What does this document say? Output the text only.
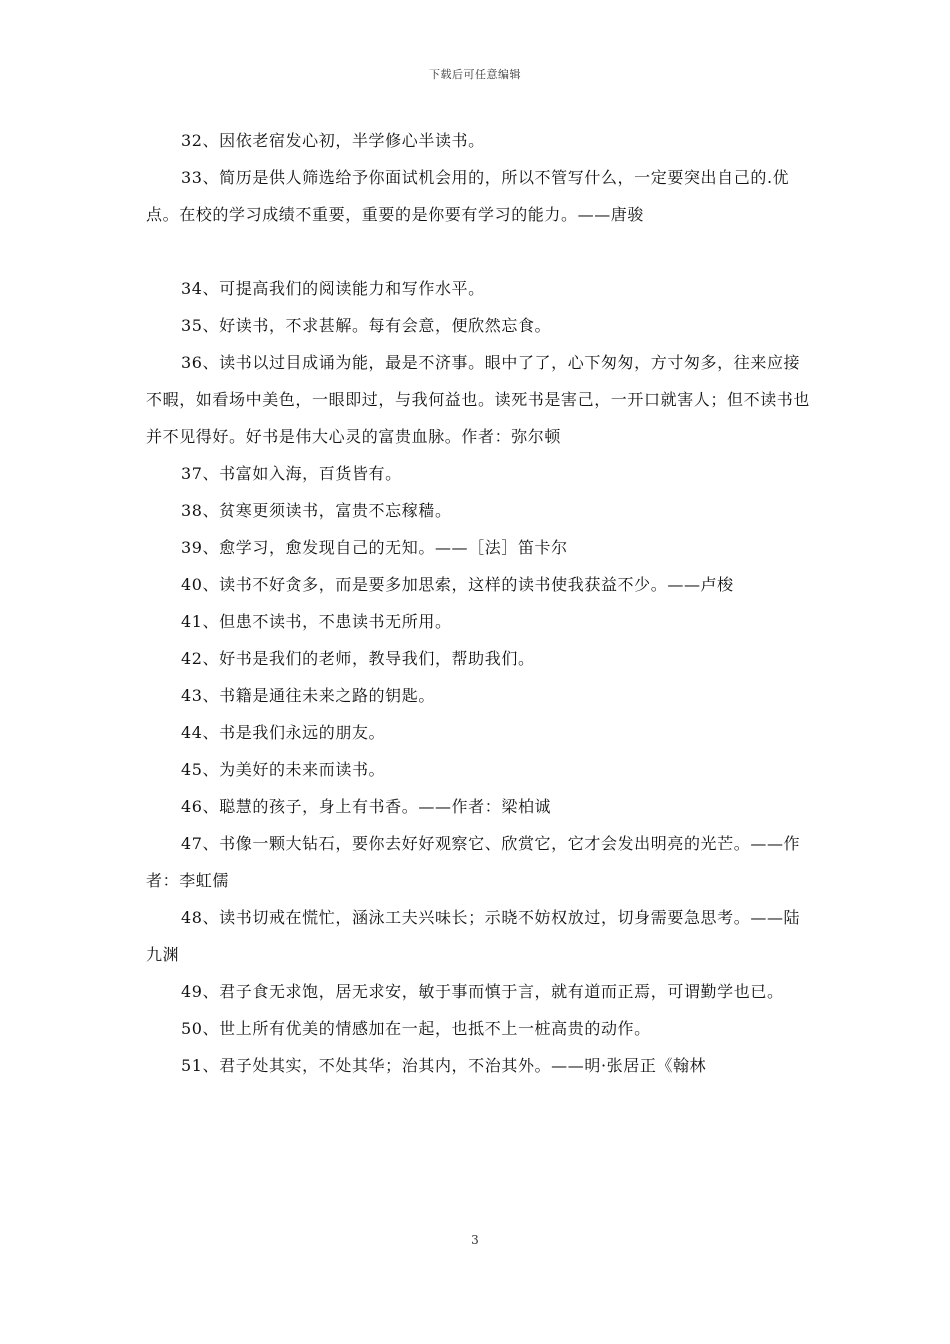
下载后可任意编辑

32、因依老宿发心初，半学修心半读书。

33、简历是供人筛选给予你面试机会用的，所以不管写什么，一定要突出自己的.优点。在校的学习成绩不重要，重要的是你要有学习的能力。——唐骏

34、可提高我们的阅读能力和写作水平。

35、好读书，不求甚解。每有会意，便欣然忘食。

36、读书以过目成诵为能，最是不济事。眼中了了，心下匆匆，方寸匆多，往来应接不暇，如看场中美色，一眼即过，与我何益也。读死书是害己，一开口就害人；但不读书也并不见得好。好书是伟大心灵的富贵血脉。作者：弥尔顿

37、书富如入海，百货皆有。

38、贫寒更须读书，富贵不忘稼穑。

39、愈学习，愈发现自己的无知。——［法］笛卡尔

40、读书不好贪多，而是要多加思索，这样的读书使我获益不少。——卢梭

41、但患不读书，不患读书无所用。

42、好书是我们的老师，教导我们，帮助我们。

43、书籍是通往未来之路的钥匙。

44、书是我们永远的朋友。

45、为美好的未来而读书。

46、聪慧的孩子，身上有书香。——作者：梁柏诚

47、书像一颗大钻石，要你去好好观察它、欣赏它，它才会发出明亮的光芒。——作者：李虹儒

48、读书切戒在慌忙，涵泳工夫兴味长；示晓不妨权放过，切身需要急思考。——陆九渊

49、君子食无求饱，居无求安，敏于事而慎于言，就有道而正焉，可谓勤学也已。

50、世上所有优美的情感加在一起，也抵不上一桩高贵的动作。

51、君子处其实，不处其华；治其内，不治其外。——明·张居正《翰林

3
